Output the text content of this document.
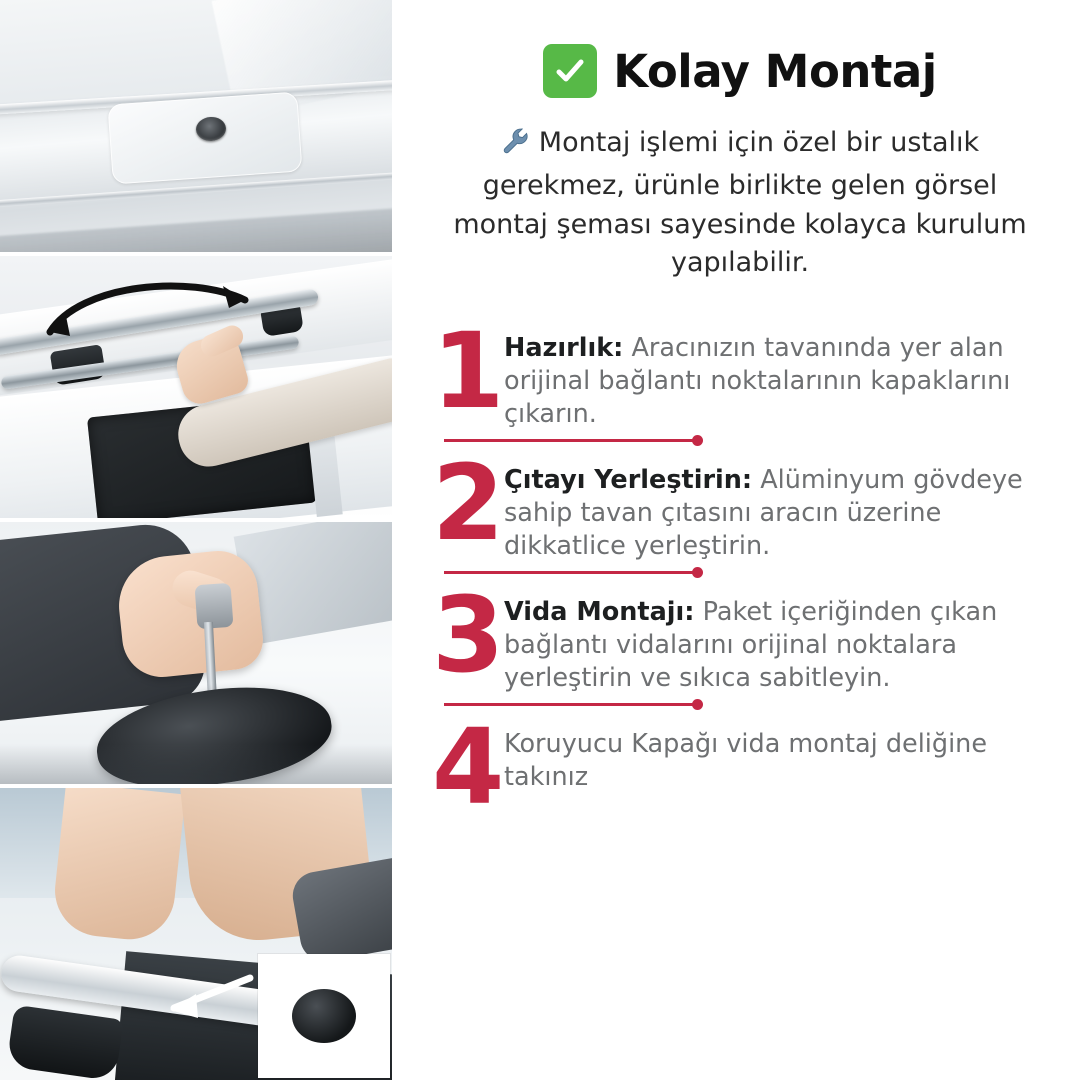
Kolay Montaj

Montaj işlemi için özel bir ustalık gerekmez, ürünle birlikte gelen görsel montaj şeması sayesinde kolayca kurulum yapılabilir.

1 Hazırlık: Aracınızın tavanında yer alan orijinal bağlantı noktalarının kapaklarını çıkarın.
2 Çıtayı Yerleştirin: Alüminyum gövdeye sahip tavan çıtasını aracın üzerine dikkatlice yerleştirin.
3 Vida Montajı: Paket içeriğinden çıkan bağlantı vidalarını orijinal noktalara yerleştirin ve sıkıca sabitleyin.
4 Koruyucu Kapağı vida montaj deliğine takınız
